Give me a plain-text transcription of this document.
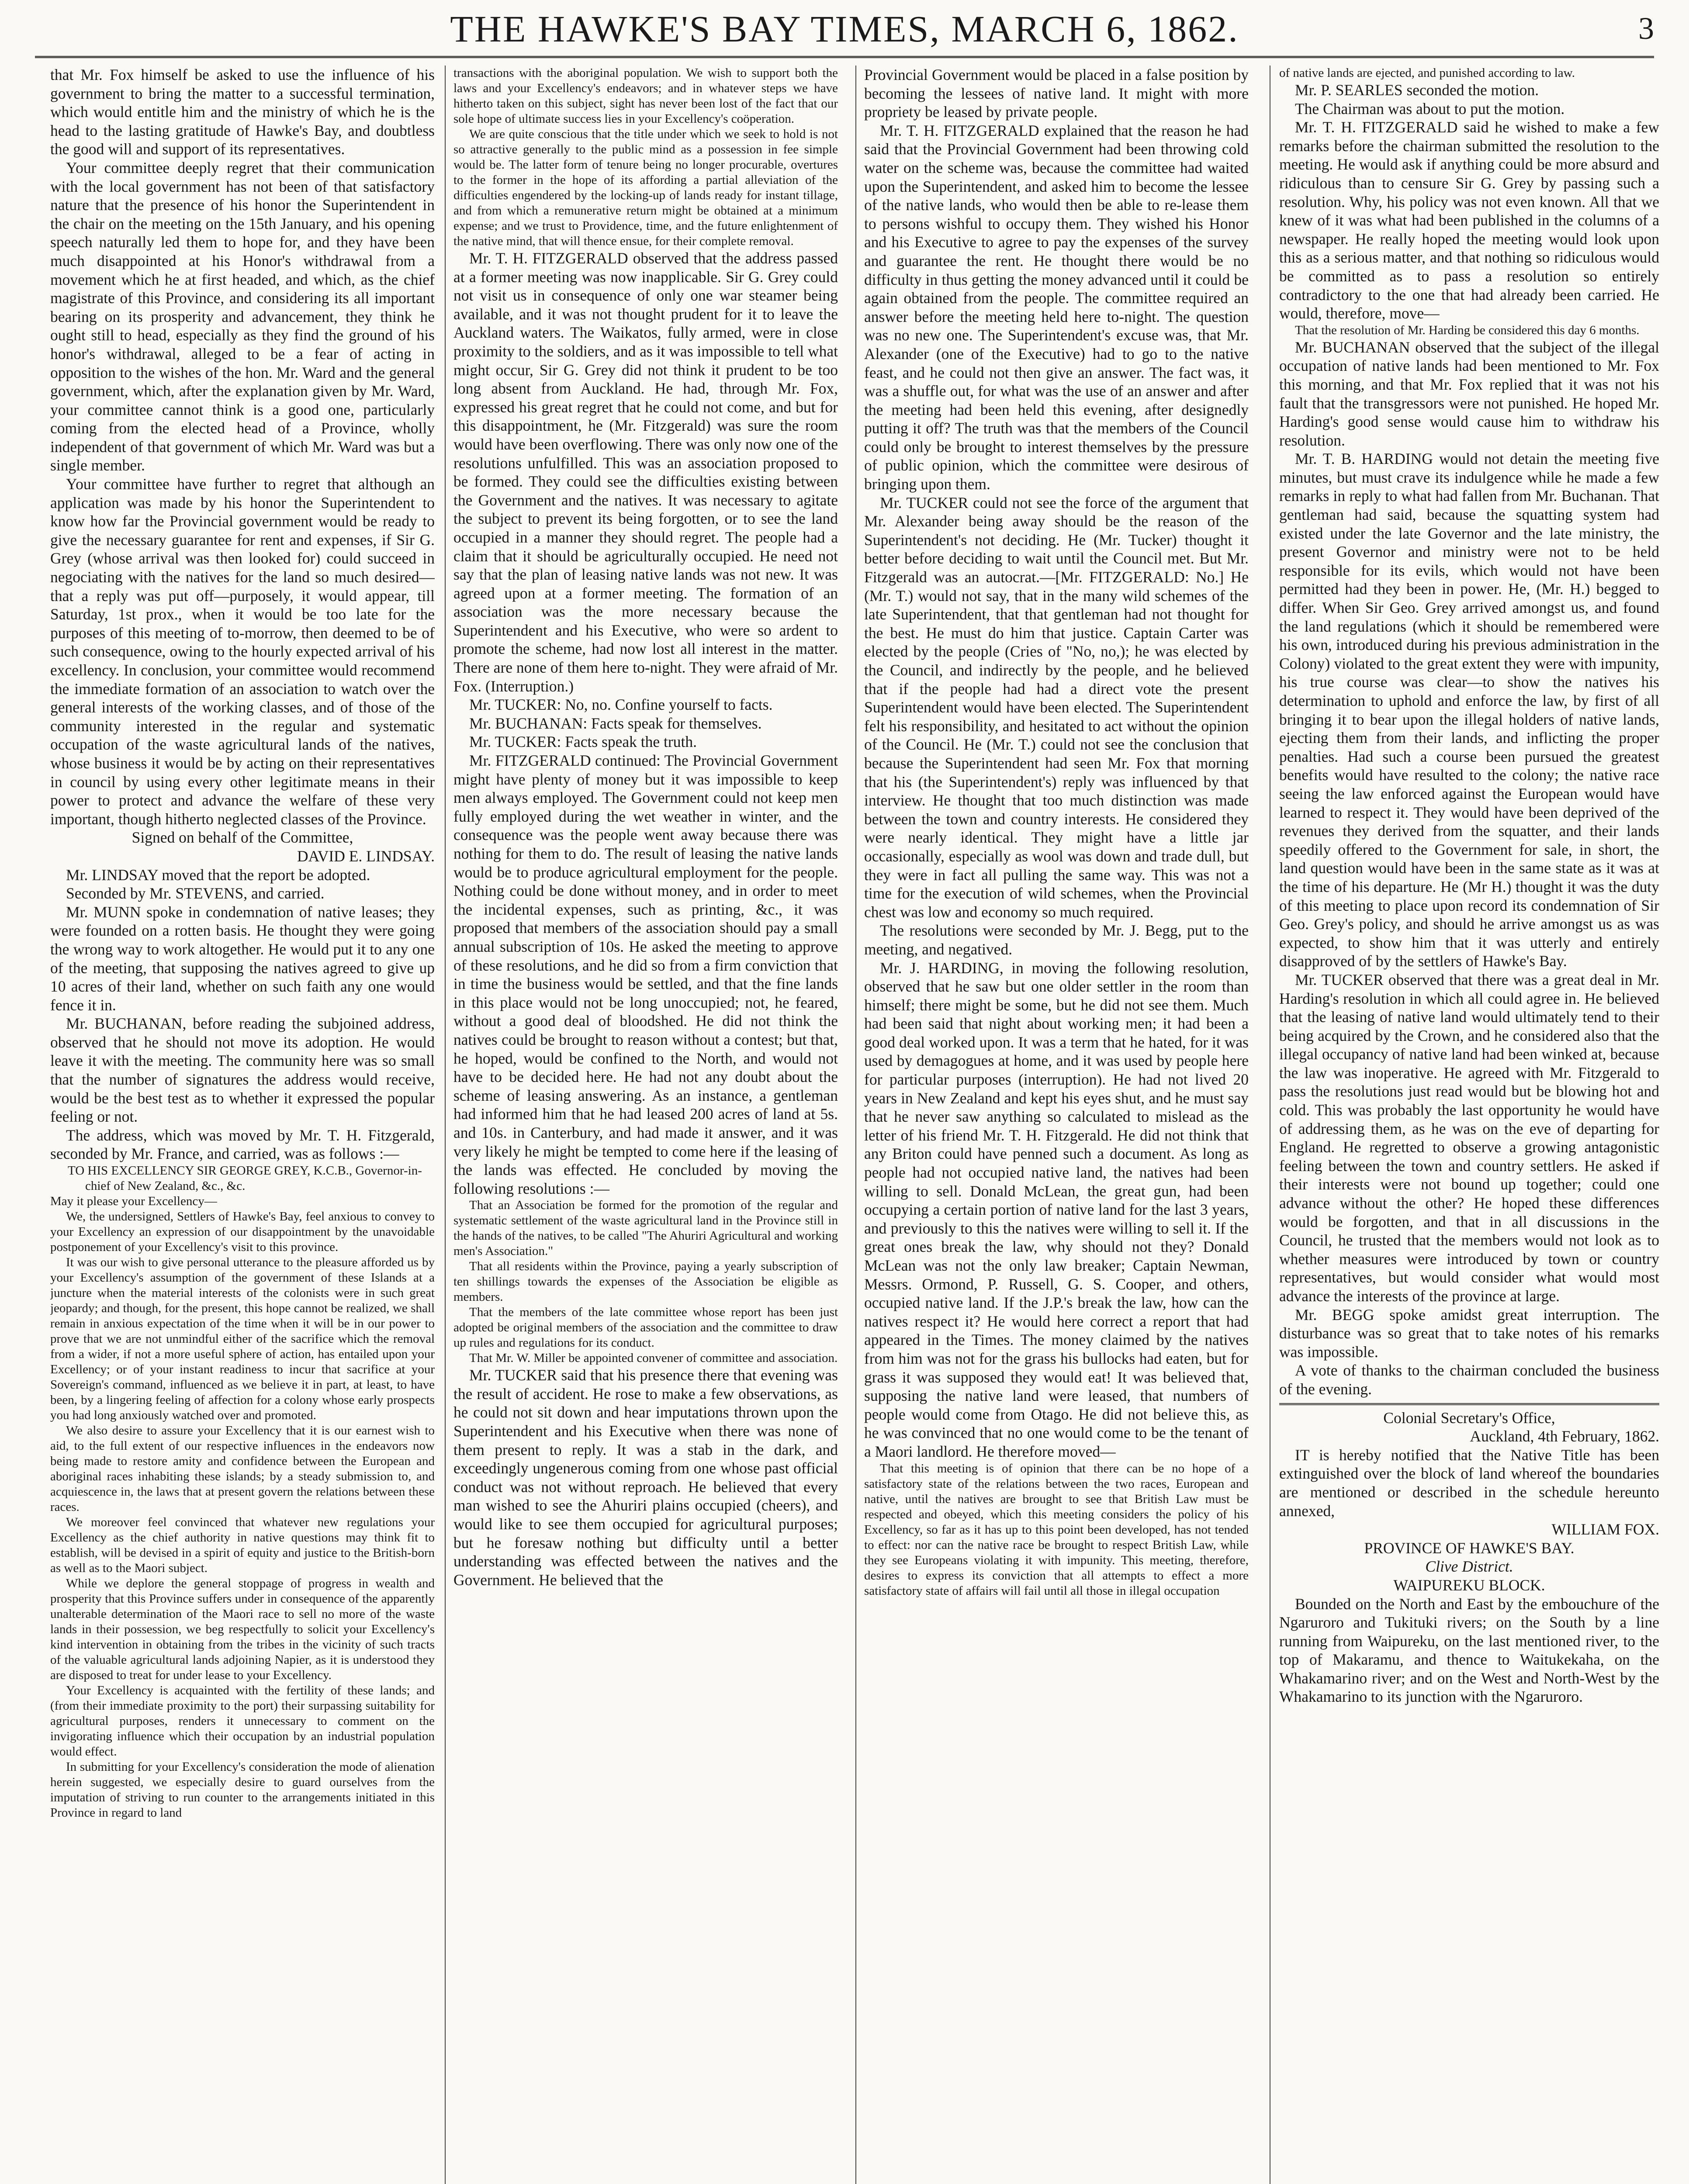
THE HAWKE'S BAY TIMES, MARCH 6, 1862.	3

that Mr. Fox himself be asked to use the influence of his government to bring the matter to a successful termination, which would entitle him and the ministry of which he is the head to the lasting gratitude of Hawke's Bay, and doubtless the good will and support of its representatives.

Your committee deeply regret that their communication with the local government has not been of that satisfactory nature that the presence of his honor the Superintendent in the chair on the meeting on the 15th January, and his opening speech naturally led them to hope for, and they have been much disappointed at his Honor's withdrawal from a movement which he at first headed, and which, as the chief magistrate of this Province, and considering its all important bearing on its prosperity and advancement, they think he ought still to head, especially as they find the ground of his honor's withdrawal, alleged to be a fear of acting in opposition to the wishes of the hon. Mr. Ward and the general government, which, after the explanation given by Mr. Ward, your committee cannot think is a good one, particularly coming from the elected head of a Province, wholly independent of that government of which Mr. Ward was but a single member.

Your committee have further to regret that although an application was made by his honor the Superintendent to know how far the Provincial government would be ready to give the necessary guarantee for rent and expenses, if Sir G. Grey (whose arrival was then looked for) could succeed in negociating with the natives for the land so much desired—that a reply was put off—purposely, it would appear, till Saturday, 1st prox., when it would be too late for the purposes of this meeting of to-morrow, then deemed to be of such consequence, owing to the hourly expected arrival of his excellency. In conclusion, your committee would recommend the immediate formation of an association to watch over the general interests of the working classes, and of those of the community interested in the regular and systematic occupation of the waste agricultural lands of the natives, whose business it would be by acting on their representatives in council by using every other legitimate means in their power to protect and advance the welfare of these very important, though hitherto neglected classes of the Province.

Signed on behalf of the Committee,

DAVID E. LINDSAY.

Mr. LINDSAY moved that the report be adopted.

Seconded by Mr. STEVENS, and carried.

Mr. MUNN spoke in condemnation of native leases; they were founded on a rotten basis. He thought they were going the wrong way to work altogether. He would put it to any one of the meeting, that supposing the natives agreed to give up 10 acres of their land, whether on such faith any one would fence it in.

Mr. BUCHANAN, before reading the subjoined address, observed that he should not move its adoption. He would leave it with the meeting. The community here was so small that the number of signatures the address would receive, would be the best test as to whether it expressed the popular feeling or not.

The address, which was moved by Mr. T. H. Fitzgerald, seconded by Mr. France, and carried, was as follows :—

TO HIS EXCELLENCY SIR GEORGE GREY, K.C.B., Governor-in-chief of New Zealand, &c., &c.

May it please your Excellency—

We, the undersigned, Settlers of Hawke's Bay, feel anxious to convey to your Excellency an expression of our disappointment by the unavoidable postponement of your Excellency's visit to this province.

It was our wish to give personal utterance to the pleasure afforded us by your Excellency's assumption of the government of these Islands at a juncture when the material interests of the colonists were in such great jeopardy; and though, for the present, this hope cannot be realized, we shall remain in anxious expectation of the time when it will be in our power to prove that we are not unmindful either of the sacrifice which the removal from a wider, if not a more useful sphere of action, has entailed upon your Excellency; or of your instant readiness to incur that sacrifice at your Sovereign's command, influenced as we believe it in part, at least, to have been, by a lingering feeling of affection for a colony whose early prospects you had long anxiously watched over and promoted.

We also desire to assure your Excellency that it is our earnest wish to aid, to the full extent of our respective influences in the endeavors now being made to restore amity and confidence between the European and aboriginal races inhabiting these islands; by a steady submission to, and acquiescence in, the laws that at present govern the relations between these races.

We moreover feel convinced that whatever new regulations your Excellency as the chief authority in native questions may think fit to establish, will be devised in a spirit of equity and justice to the British-born as well as to the Maori subject.

While we deplore the general stoppage of progress in wealth and prosperity that this Province suffers under in consequence of the apparently unalterable determination of the Maori race to sell no more of the waste lands in their possession, we beg respectfully to solicit your Excellency's kind intervention in obtaining from the tribes in the vicinity of such tracts of the valuable agricultural lands adjoining Napier, as it is understood they are disposed to treat for under lease to your Excellency.

Your Excellency is acquainted with the fertility of these lands; and (from their immediate proximity to the port) their surpassing suitability for agricultural purposes, renders it unnecessary to comment on the invigorating influence which their occupation by an industrial population would effect.

In submitting for your Excellency's consideration the mode of alienation herein suggested, we especially desire to guard ourselves from the imputation of striving to run counter to the arrangements initiated in this Province in regard to land

transactions with the aboriginal population. We wish to support both the laws and your Excellency's endeavors; and in whatever steps we have hitherto taken on this subject, sight has never been lost of the fact that our sole hope of ultimate success lies in your Excellency's coöperation.

We are quite conscious that the title under which we seek to hold is not so attractive generally to the public mind as a possession in fee simple would be. The latter form of tenure being no longer procurable, overtures to the former in the hope of its affording a partial alleviation of the difficulties engendered by the locking-up of lands ready for instant tillage, and from which a remunerative return might be obtained at a minimum expense; and we trust to Providence, time, and the future enlightenment of the native mind, that will thence ensue, for their complete removal.

Mr. T. H. FITZGERALD observed that the address passed at a former meeting was now inapplicable. Sir G. Grey could not visit us in consequence of only one war steamer being available, and it was not thought prudent for it to leave the Auckland waters. The Waikatos, fully armed, were in close proximity to the soldiers, and as it was impossible to tell what might occur, Sir G. Grey did not think it prudent to be too long absent from Auckland. He had, through Mr. Fox, expressed his great regret that he could not come, and but for this disappointment, he (Mr. Fitzgerald) was sure the room would have been overflowing. There was only now one of the resolutions unfulfilled. This was an association proposed to be formed. They could see the difficulties existing between the Government and the natives. It was necessary to agitate the subject to prevent its being forgotten, or to see the land occupied in a manner they should regret. The people had a claim that it should be agriculturally occupied. He need not say that the plan of leasing native lands was not new. It was agreed upon at a former meeting. The formation of an association was the more necessary because the Superintendent and his Executive, who were so ardent to promote the scheme, had now lost all interest in the matter. There are none of them here to-night. They were afraid of Mr. Fox. (Interruption.)

Mr. TUCKER: No, no. Confine yourself to facts.

Mr. BUCHANAN: Facts speak for themselves.

Mr. TUCKER: Facts speak the truth.

Mr. FITZGERALD continued: The Provincial Government might have plenty of money but it was impossible to keep men always employed. The Government could not keep men fully employed during the wet weather in winter, and the consequence was the people went away because there was nothing for them to do. The result of leasing the native lands would be to produce agricultural employment for the people. Nothing could be done without money, and in order to meet the incidental expenses, such as printing, &c., it was proposed that members of the association should pay a small annual subscription of 10s. He asked the meeting to approve of these resolutions, and he did so from a firm conviction that in time the business would be settled, and that the fine lands in this place would not be long unoccupied; not, he feared, without a good deal of bloodshed. He did not think the natives could be brought to reason without a contest; but that, he hoped, would be confined to the North, and would not have to be decided here. He had not any doubt about the scheme of leasing answering. As an instance, a gentleman had informed him that he had leased 200 acres of land at 5s. and 10s. in Canterbury, and had made it answer, and it was very likely he might be tempted to come here if the leasing of the lands was effected. He concluded by moving the following resolutions :—

That an Association be formed for the promotion of the regular and systematic settlement of the waste agricultural land in the Province still in the hands of the natives, to be called "The Ahuriri Agricultural and working men's Association."

That all residents within the Province, paying a yearly subscription of ten shillings towards the expenses of the Association be eligible as members.

That the members of the late committee whose report has been just adopted be original members of the association and the committee to draw up rules and regulations for its conduct.

That Mr. W. Miller be appointed convener of committee and association.

Mr. TUCKER said that his presence there that evening was the result of accident. He rose to make a few observations, as he could not sit down and hear imputations thrown upon the Superintendent and his Executive when there was none of them present to reply. It was a stab in the dark, and exceedingly ungenerous coming from one whose past official conduct was not without reproach. He believed that every man wished to see the Ahuriri plains occupied (cheers), and would like to see them occupied for agricultural purposes; but he foresaw nothing but difficulty until a better understanding was effected between the natives and the Government. He believed that the

Provincial Government would be placed in a false position by becoming the lessees of native land. It might with more propriety be leased by private people.

Mr. T. H. FITZGERALD explained that the reason he had said that the Provincial Government had been throwing cold water on the scheme was, because the committee had waited upon the Superintendent, and asked him to become the lessee of the native lands, who would then be able to re-lease them to persons wishful to occupy them. They wished his Honor and his Executive to agree to pay the expenses of the survey and guarantee the rent. He thought there would be no difficulty in thus getting the money advanced until it could be again obtained from the people. The committee required an answer before the meeting held here to-night. The question was no new one. The Superintendent's excuse was, that Mr. Alexander (one of the Executive) had to go to the native feast, and he could not then give an answer. The fact was, it was a shuffle out, for what was the use of an answer and after the meeting had been held this evening, after designedly putting it off? The truth was that the members of the Council could only be brought to interest themselves by the pressure of public opinion, which the committee were desirous of bringing upon them.

Mr. TUCKER could not see the force of the argument that Mr. Alexander being away should be the reason of the Superintendent's not deciding. He (Mr. Tucker) thought it better before deciding to wait until the Council met. But Mr. Fitzgerald was an autocrat.—[Mr. FITZGERALD: No.] He (Mr. T.) would not say, that in the many wild schemes of the late Superintendent, that that gentleman had not thought for the best. He must do him that justice. Captain Carter was elected by the people (Cries of "No, no,); he was elected by the Council, and indirectly by the people, and he believed that if the people had had a direct vote the present Superintendent would have been elected. The Superintendent felt his responsibility, and hesitated to act without the opinion of the Council. He (Mr. T.) could not see the conclusion that because the Superintendent had seen Mr. Fox that morning that his (the Superintendent's) reply was influenced by that interview. He thought that too much distinction was made between the town and country interests. He considered they were nearly identical. They might have a little jar occasionally, especially as wool was down and trade dull, but they were in fact all pulling the same way. This was not a time for the execution of wild schemes, when the Provincial chest was low and economy so much required.

The resolutions were seconded by Mr. J. Begg, put to the meeting, and negatived.

Mr. J. HARDING, in moving the following resolution, observed that he saw but one older settler in the room than himself; there might be some, but he did not see them. Much had been said that night about working men; it had been a good deal worked upon. It was a term that he hated, for it was used by demagogues at home, and it was used by people here for particular purposes (interruption). He had not lived 20 years in New Zealand and kept his eyes shut, and he must say that he never saw anything so calculated to mislead as the letter of his friend Mr. T. H. Fitzgerald. He did not think that any Briton could have penned such a document. As long as people had not occupied native land, the natives had been willing to sell. Donald McLean, the great gun, had been occupying a certain portion of native land for the last 3 years, and previously to this the natives were willing to sell it. If the great ones break the law, why should not they? Donald McLean was not the only law breaker; Captain Newman, Messrs. Ormond, P. Russell, G. S. Cooper, and others, occupied native land. If the J.P.'s break the law, how can the natives respect it? He would here correct a report that had appeared in the Times. The money claimed by the natives from him was not for the grass his bullocks had eaten, but for grass it was supposed they would eat! It was believed that, supposing the native land were leased, that numbers of people would come from Otago. He did not believe this, as he was convinced that no one would come to be the tenant of a Maori landlord. He therefore moved—

That this meeting is of opinion that there can be no hope of a satisfactory state of the relations between the two races, European and native, until the natives are brought to see that British Law must be respected and obeyed, which this meeting considers the policy of his Excellency, so far as it has up to this point been developed, has not tended to effect: nor can the native race be brought to respect British Law, while they see Europeans violating it with impunity. This meeting, therefore, desires to express its conviction that all attempts to effect a more satisfactory state of affairs will fail until all those in illegal occupation

of native lands are ejected, and punished according to law.

Mr. P. SEARLES seconded the motion.

The Chairman was about to put the motion.

Mr. T. H. FITZGERALD said he wished to make a few remarks before the chairman submitted the resolution to the meeting. He would ask if anything could be more absurd and ridiculous than to censure Sir G. Grey by passing such a resolution. Why, his policy was not even known. All that we knew of it was what had been published in the columns of a newspaper. He really hoped the meeting would look upon this as a serious matter, and that nothing so ridiculous would be committed as to pass a resolution so entirely contradictory to the one that had already been carried. He would, therefore, move—

That the resolution of Mr. Harding be considered this day 6 months.

Mr. BUCHANAN observed that the subject of the illegal occupation of native lands had been mentioned to Mr. Fox this morning, and that Mr. Fox replied that it was not his fault that the transgressors were not punished. He hoped Mr. Harding's good sense would cause him to withdraw his resolution.

Mr. T. B. HARDING would not detain the meeting five minutes, but must crave its indulgence while he made a few remarks in reply to what had fallen from Mr. Buchanan. That gentleman had said, because the squatting system had existed under the late Governor and the late ministry, the present Governor and ministry were not to be held responsible for its evils, which would not have been permitted had they been in power. He, (Mr. H.) begged to differ. When Sir Geo. Grey arrived amongst us, and found the land regulations (which it should be remembered were his own, introduced during his previous administration in the Colony) violated to the great extent they were with impunity, his true course was clear—to show the natives his determination to uphold and enforce the law, by first of all bringing it to bear upon the illegal holders of native lands, ejecting them from their lands, and inflicting the proper penalties. Had such a course been pursued the greatest benefits would have resulted to the colony; the native race seeing the law enforced against the European would have learned to respect it. They would have been deprived of the revenues they derived from the squatter, and their lands speedily offered to the Government for sale, in short, the land question would have been in the same state as it was at the time of his departure. He (Mr H.) thought it was the duty of this meeting to place upon record its condemnation of Sir Geo. Grey's policy, and should he arrive amongst us as was expected, to show him that it was utterly and entirely disapproved of by the settlers of Hawke's Bay.

Mr. TUCKER observed that there was a great deal in Mr. Harding's resolution in which all could agree in. He believed that the leasing of native land would ultimately tend to their being acquired by the Crown, and he considered also that the illegal occupancy of native land had been winked at, because the law was inoperative. He agreed with Mr. Fitzgerald to pass the resolutions just read would but be blowing hot and cold. This was probably the last opportunity he would have of addressing them, as he was on the eve of departing for England. He regretted to observe a growing antagonistic feeling between the town and country settlers. He asked if their interests were not bound up together; could one advance without the other? He hoped these differences would be forgotten, and that in all discussions in the Council, he trusted that the members would not look as to whether measures were introduced by town or country representatives, but would consider what would most advance the interests of the province at large.

Mr. BEGG spoke amidst great interruption. The disturbance was so great that to take notes of his remarks was impossible.

A vote of thanks to the chairman concluded the business of the evening.

Colonial Secretary's Office,

Auckland, 4th February, 1862.

IT is hereby notified that the Native Title has been extinguished over the block of land whereof the boundaries are mentioned or described in the schedule hereunto annexed,

WILLIAM FOX.

PROVINCE OF HAWKE'S BAY.

Clive District.

WAIPUREKU BLOCK.

Bounded on the North and East by the embouchure of the Ngaruroro and Tukituki rivers; on the South by a line running from Waipureku, on the last mentioned river, to the top of Makaramu, and thence to Waitukekaha, on the Whakamarino river; and on the West and North-West by the Whakamarino to its junction with the Ngaruroro.
